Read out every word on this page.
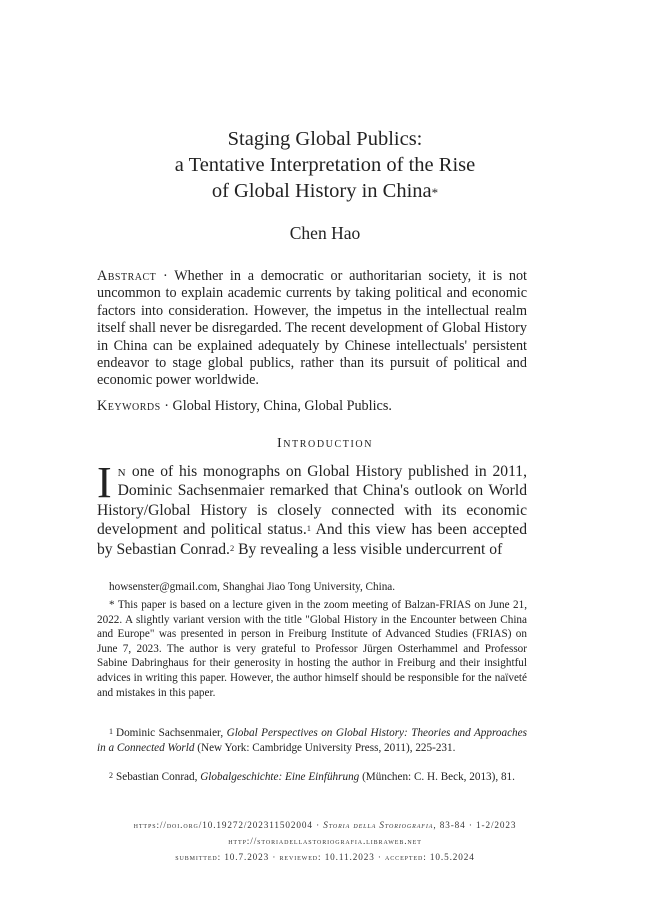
Staging Global Publics:
a Tentative Interpretation of the Rise
of Global History in China*
Chen Hao
Abstract · Whether in a democratic or authoritarian society, it is not uncommon to explain academic currents by taking political and economic factors into consideration. However, the impetus in the intellectual realm itself shall never be disregarded. The recent development of Global History in China can be explained adequately by Chinese intellectuals' persistent endeavor to stage global publics, rather than its pursuit of political and economic power worldwide.
Keywords · Global History, China, Global Publics.
Introduction
In one of his monographs on Global History published in 2011, Dominic Sachsenmaier remarked that China's outlook on World History/Global History is closely connected with its economic development and political status.$^1$ And this view has been accepted by Sebastian Conrad.$^2$ By revealing a less visible undercurrent of
howsenster@gmail.com, Shanghai Jiao Tong University, China.
* This paper is based on a lecture given in the zoom meeting of Balzan-FRIAS on June 21, 2022. A slightly variant version with the title "Global History in the Encounter between China and Europe" was presented in person in Freiburg Institute of Advanced Studies (FRIAS) on June 7, 2023. The author is very grateful to Professor Jürgen Osterhammel and Professor Sabine Dabringhaus for their generosity in hosting the author in Freiburg and their insightful advices in writing this paper. However, the author himself should be responsible for the naïveté and mistakes in this paper.
$^1$ Dominic Sachsenmaier, Global Perspectives on Global History: Theories and Approaches in a Connected World (New York: Cambridge University Press, 2011), 225-231.
$^2$ Sebastian Conrad, Globalgeschichte: Eine Einführung (München: C. H. Beck, 2013), 81.
https://doi.org/10.19272/202311502004 · Storia della Storiografia, 83-84 · 1-2/2023
http://storiadellastoriografia.libraweb.net
submitted: 10.7.2023 · reviewed: 10.11.2023 · accepted: 10.5.2024
